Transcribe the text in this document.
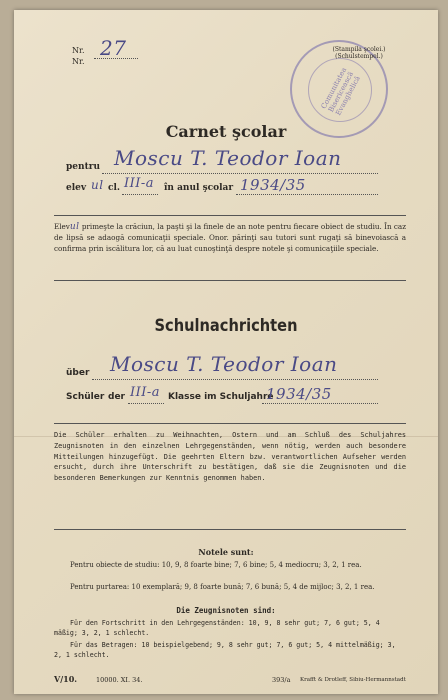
Nr.
Nr.
27
Comunitatea Bisericească Evanghelică
(Stampila şcolei.)
(Schulstempel.)
Carnet şcolar
pentru Moscu T. Teodor Ioan
elev ul cl. III-a în anul şcolar 1934/35
Elevul primeşte la crăciun, la paşti şi la finele de an note pentru fiecare obiect de studiu. În caz de lipsă se adaogă comunicaţii speciale. Onor. părinţi sau tutori sunt rugaţi să binevoiască a confirma prin iscălitura lor, că au luat cunoştinţă despre notele şi comunicaţiile speciale.
Schulnachrichten
über Moscu T. Teodor Ioan
Schüler der III-a Klasse im Schuljahre
1934/35
Die Schüler erhalten zu Weihnachten, Ostern und am Schluß des Schuljahres Zeugnisnoten in den einzelnen Lehrgegenständen, wenn nötig, werden auch besondere Mitteilungen hinzugefügt. Die geehrten Eltern bzw. verantwortlichen Aufseher werden ersucht, durch ihre Unterschrift zu bestätigen, daß sie die Zeugnisnoten und die besonderen Bemerkungen zur Kenntnis genommen haben.
Notele sunt:
Pentru obiecte de studiu: 10, 9, 8 foarte bine; 7, 6 bine; 5, 4 mediocru; 3, 2, 1 rea.
Pentru purtarea: 10 exemplară; 9, 8 foarte bună; 7, 6 bună; 5, 4 de mijloc; 3, 2, 1 rea.
Die Zeugnisnoten sind:
Für den Fortschritt in den Lehrgegenständen: 10, 9, 8 sehr gut; 7, 6 gut; 5, 4 mäßig; 3, 2, 1 schlecht.
Für das Betragen: 10 beispielgebend; 9, 8 sehr gut; 7, 6 gut; 5, 4 mittelmäßig; 3, 2, 1 schlecht.
V/10.	10000. XI. 34.	393/a Krafft & Drotleff, Sibiu-Hermannstadt
